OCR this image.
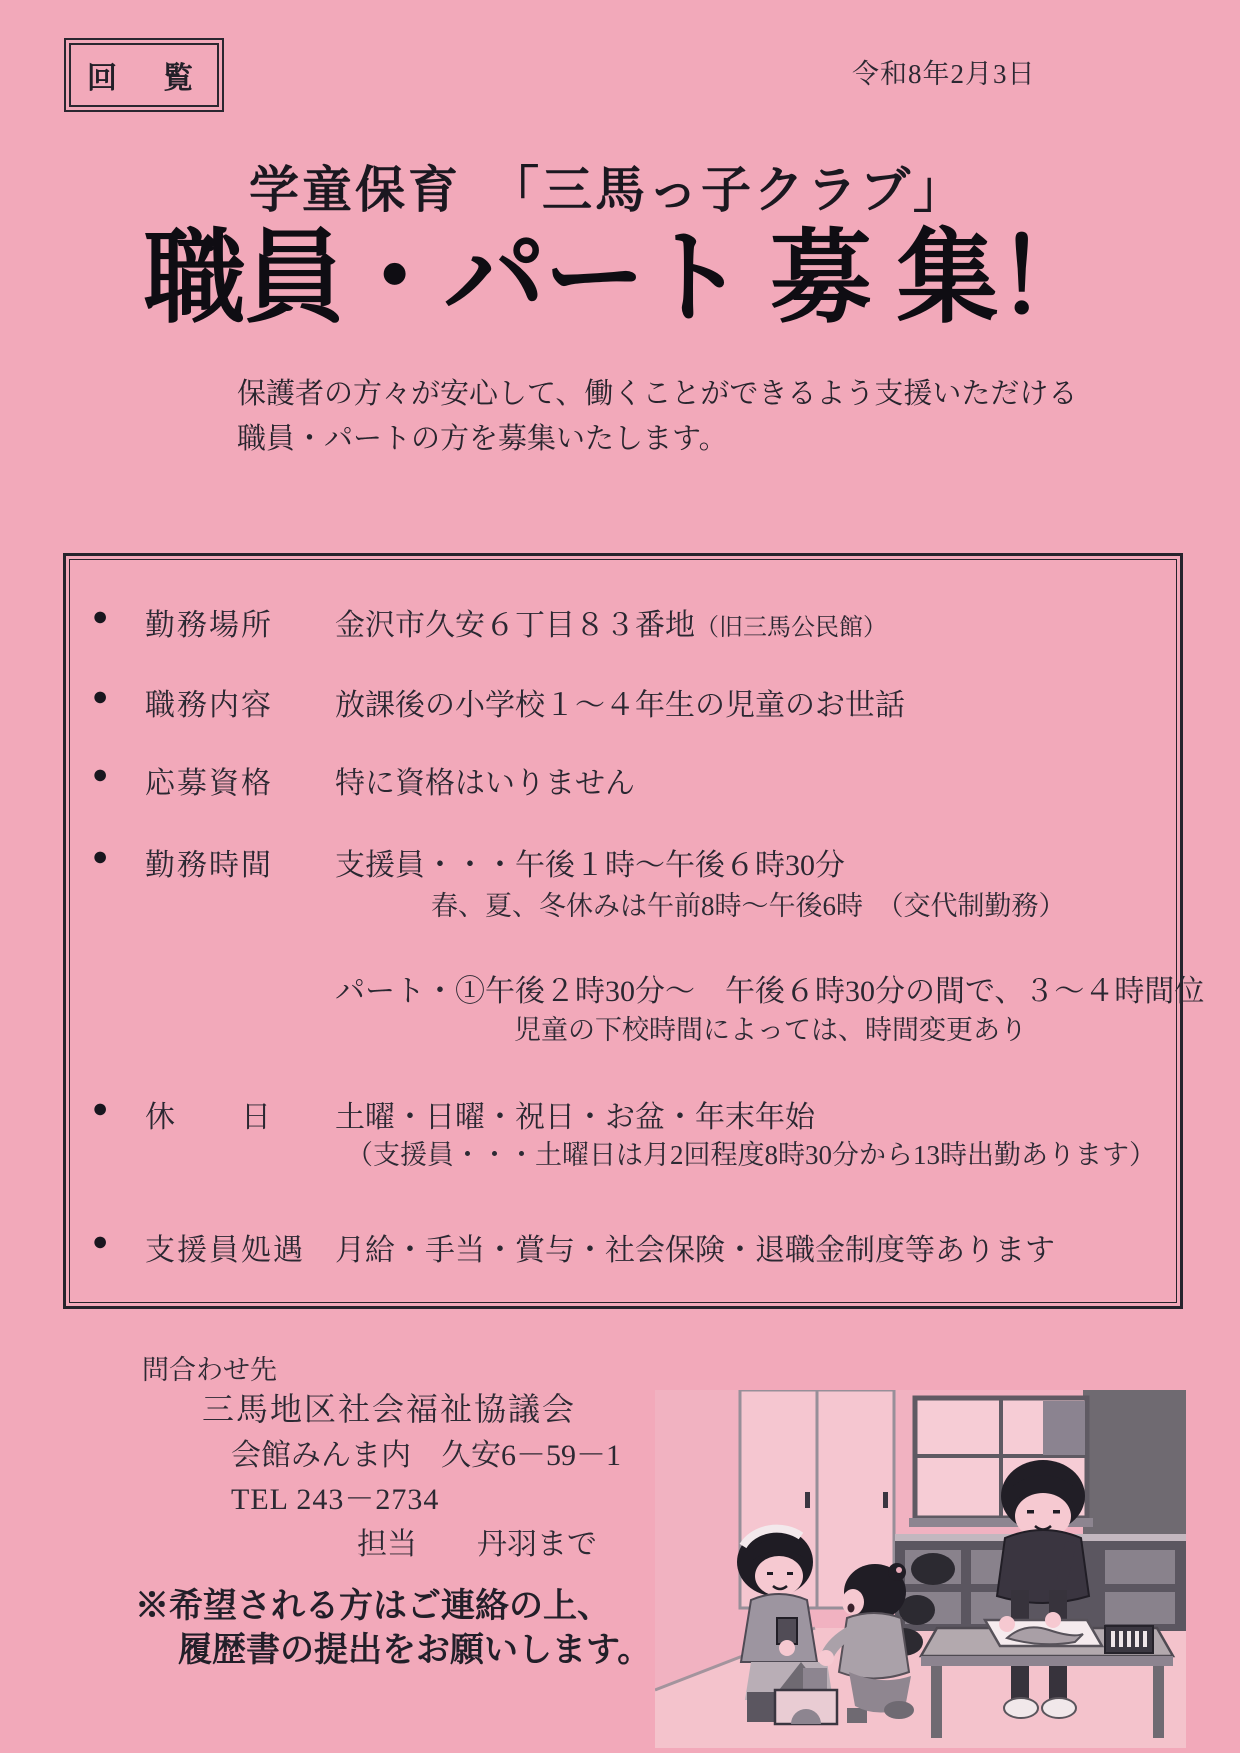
回　覧	令和8年2月3日
学童保育　「三馬っ子クラブ」
職員・パート 募 集！
保護者の方々が安心して、働くことができるよう支援いただける
職員・パートの方を募集いたします。
● 勤務場所 金沢市久安６丁目８３番地（旧三馬公民館）
● 職務内容 放課後の小学校１～４年生の児童のお世話
● 応募資格 特に資格はいりません
● 勤務時間 支援員・・・午後１時～午後６時30分
春、夏、冬休みは午前8時～午後6時　（交代制勤務）
パート・①午後２時30分～　午後６時30分の間で、３～４時間位
児童の下校時間によっては、時間変更あり
● 休　　日 土曜・日曜・祝日・お盆・年末年始
（支援員・・・土曜日は月2回程度8時30分から13時出勤あります）
● 支援員処遇 月給・手当・賞与・社会保険・退職金制度等あります
問合わせ先
三馬地区社会福祉協議会
会館みんま内　久安6－59－1
TEL 243－2734
担当　　丹羽まで
※希望される方はご連絡の上、
履歴書の提出をお願いします。
